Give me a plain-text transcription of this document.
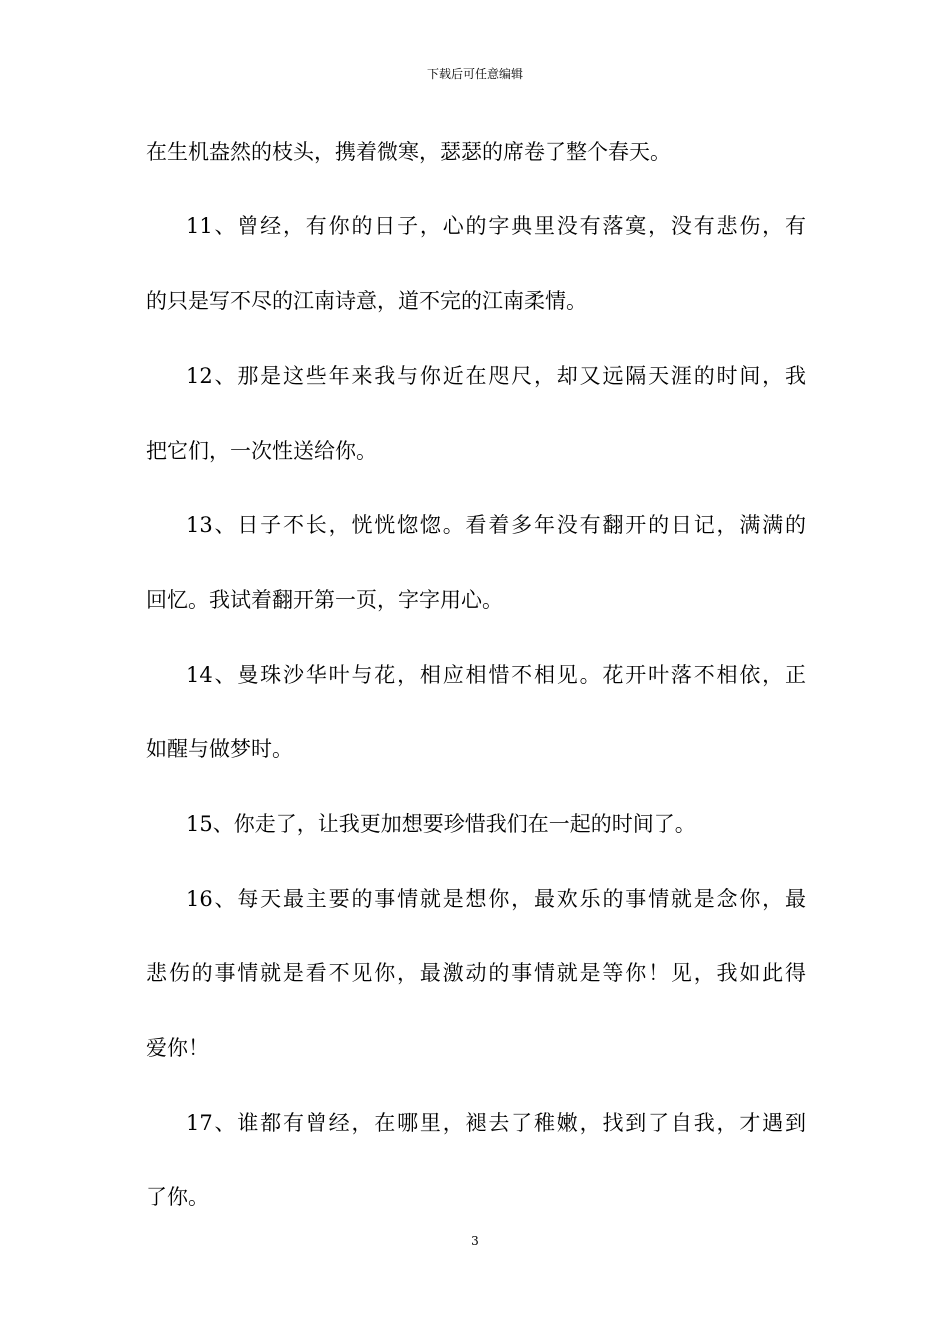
下载后可任意编辑
在生机盎然的枝头，携着微寒，瑟瑟的席卷了整个春天。
11、曾经，有你的日子，心的字典里没有落寞，没有悲伤，有
的只是写不尽的江南诗意，道不完的江南柔情。
12、那是这些年来我与你近在咫尺，却又远隔天涯的时间，我
把它们，一次性送给你。
13、日子不长，恍恍惚惚。看着多年没有翻开的日记，满满的
回忆。我试着翻开第一页，字字用心。
14、曼珠沙华叶与花，相应相惜不相见。花开叶落不相依，正
如醒与做梦时。
15、你走了，让我更加想要珍惜我们在一起的时间了。
16、每天最主要的事情就是想你，最欢乐的事情就是念你，最
悲伤的事情就是看不见你，最激动的事情就是等你！见，我如此得
爱你！
17、谁都有曾经，在哪里，褪去了稚嫩，找到了自我，才遇到
了你。
3
